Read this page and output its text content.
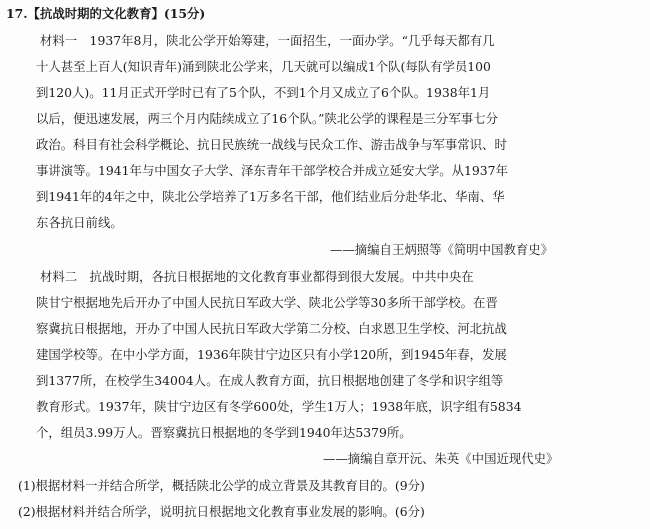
17.【抗战时期的文化教育】(15分)
材料一　1937年8月，陕北公学开始筹建，一面招生，一面办学。“几乎每天都有几
十人甚至上百人(知识青年)涌到陕北公学来，几天就可以编成1个队(每队有学员100
到120人)。11月正式开学时已有了5个队，不到1个月又成立了6个队。1938年1月
以后，便迅速发展，两三个月内陆续成立了16个队。”陕北公学的课程是三分军事七分
政治。科目有社会科学概论、抗日民族统一战线与民众工作、游击战争与军事常识、时
事讲演等。1941年与中国女子大学、泽东青年干部学校合并成立延安大学。从1937年
到1941年的4年之中，陕北公学培养了1万多名干部，他们结业后分赴华北、华南、华
东各抗日前线。
——摘编自王炳照等《简明中国教育史》
材料二　抗战时期，各抗日根据地的文化教育事业都得到很大发展。中共中央在
陕甘宁根据地先后开办了中国人民抗日军政大学、陕北公学等30多所干部学校。在晋
察冀抗日根据地，开办了中国人民抗日军政大学第二分校、白求恩卫生学校、河北抗战
建国学校等。在中小学方面，1936年陕甘宁边区只有小学120所，到1945年春，发展
到1377所，在校学生34004人。在成人教育方面，抗日根据地创建了冬学和识字组等
教育形式。1937年，陕甘宁边区有冬学600处，学生1万人；1938年底，识字组有5834
个，组员3.99万人。晋察冀抗日根据地的冬学到1940年达5379所。
——摘编自章开沅、朱英《中国近现代史》
(1)根据材料一并结合所学，概括陕北公学的成立背景及其教育目的。(9分)
(2)根据材料并结合所学，说明抗日根据地文化教育事业发展的影响。(6分)
